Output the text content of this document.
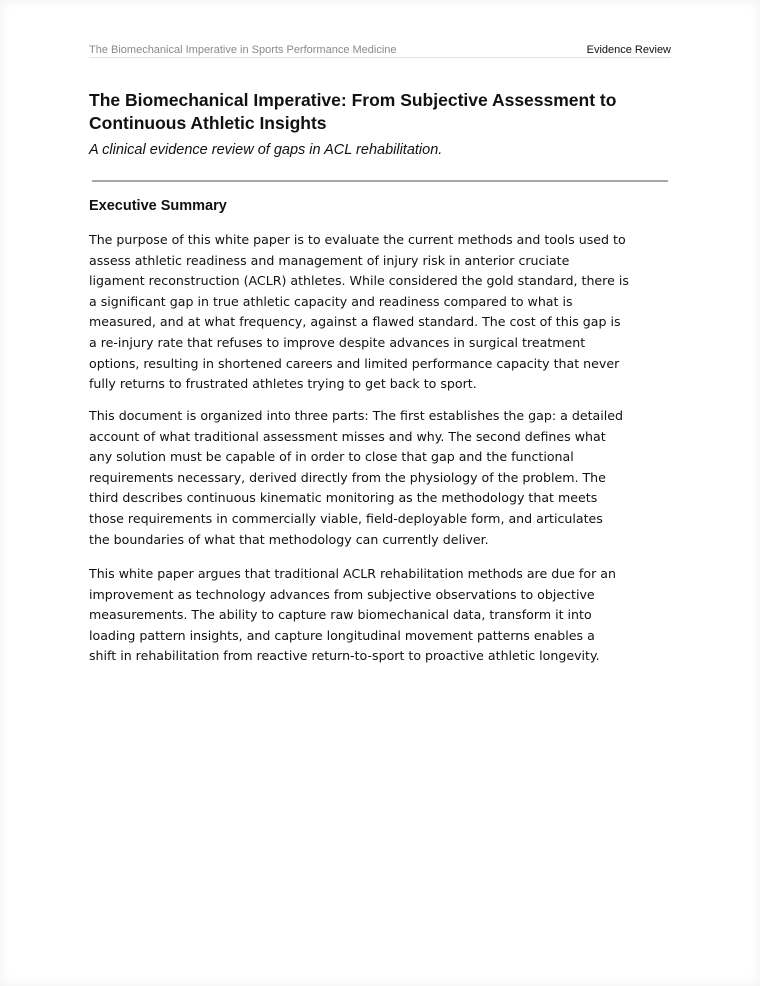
The Biomechanical Imperative in Sports Performance Medicine	Evidence Review
The Biomechanical Imperative: From Subjective Assessment to
Continuous Athletic Insights
A clinical evidence review of gaps in ACL rehabilitation.
Executive Summary
The purpose of this white paper is to evaluate the current methods and tools used to
assess athletic readiness and management of injury risk in anterior cruciate
ligament reconstruction (ACLR) athletes. While considered the gold standard, there is
a significant gap in true athletic capacity and readiness compared to what is
measured, and at what frequency, against a flawed standard. The cost of this gap is
a re-injury rate that refuses to improve despite advances in surgical treatment
options, resulting in shortened careers and limited performance capacity that never
fully returns to frustrated athletes trying to get back to sport.
This document is organized into three parts: The first establishes the gap: a detailed
account of what traditional assessment misses and why. The second defines what
any solution must be capable of in order to close that gap and the functional
requirements necessary, derived directly from the physiology of the problem. The
third describes continuous kinematic monitoring as the methodology that meets
those requirements in commercially viable, field-deployable form, and articulates
the boundaries of what that methodology can currently deliver.
This white paper argues that traditional ACLR rehabilitation methods are due for an
improvement as technology advances from subjective observations to objective
measurements. The ability to capture raw biomechanical data, transform it into
loading pattern insights, and capture longitudinal movement patterns enables a
shift in rehabilitation from reactive return-to-sport to proactive athletic longevity.
